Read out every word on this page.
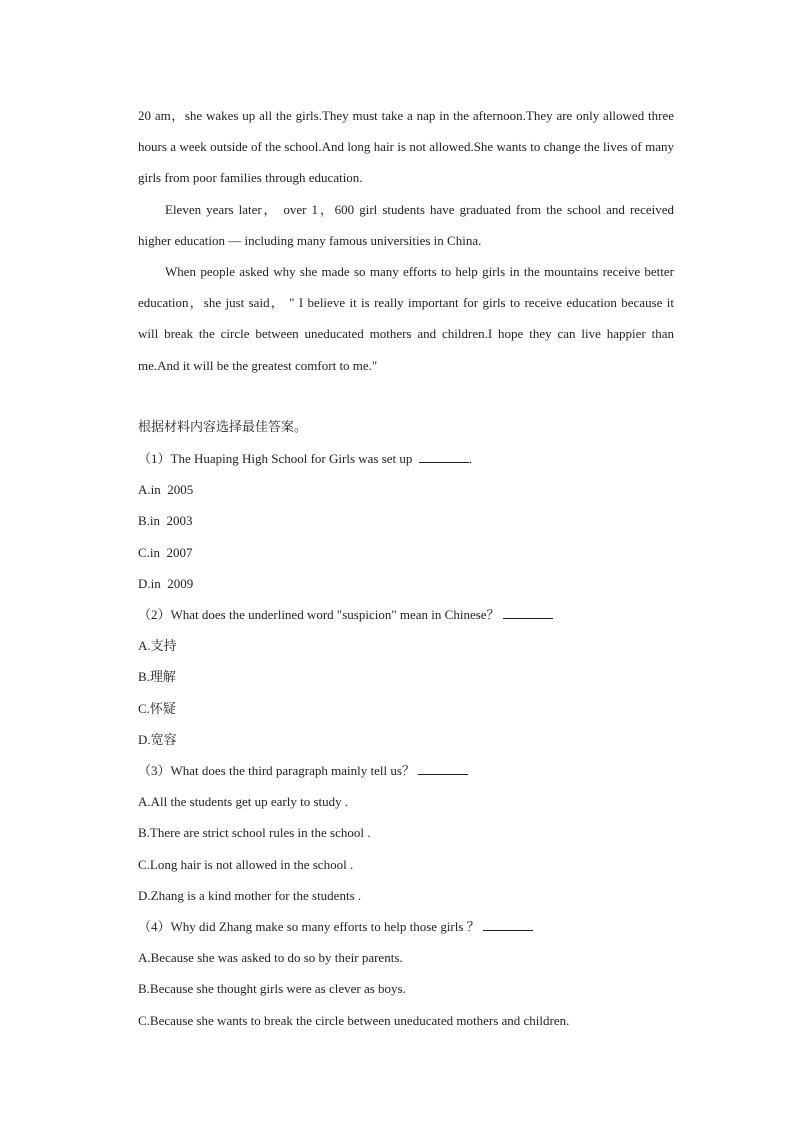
20 am，she wakes up all the girls.They must take a nap in the afternoon.They are only allowed three hours a week outside of the school.And long hair is not allowed.She wants to change the lives of many girls from poor families through education.

Eleven years later， over 1，600 girl students have graduated from the school and received higher education — including many famous universities in China.

When people asked why she made so many efforts to help girls in the mountains receive better education，she just said， " I believe it is really important for girls to receive education because it will break the circle between uneducated mothers and children.I hope they can live happier than me.And it will be the greatest comfort to me."

根据材料内容选择最佳答案。

（1）The Huaping High School for Girls was set up	.

A.in  2005

B.in  2003

C.in  2007

D.in  2009

（2）What does the underlined word "suspicion" mean in Chinese？

A.支持

B.理解

C.怀疑

D.宽容

（3）What does the third paragraph mainly tell us？

A.All the students get up early to study .

B.There are strict school rules in the school .

C.Long hair is not allowed in the school .

D.Zhang is a kind mother for the students .

（4）Why did Zhang make so many efforts to help those girls ？

A.Because she was asked to do so by their parents.

B.Because she thought girls were as clever as boys.

C.Because she wants to break the circle between uneducated mothers and children.
